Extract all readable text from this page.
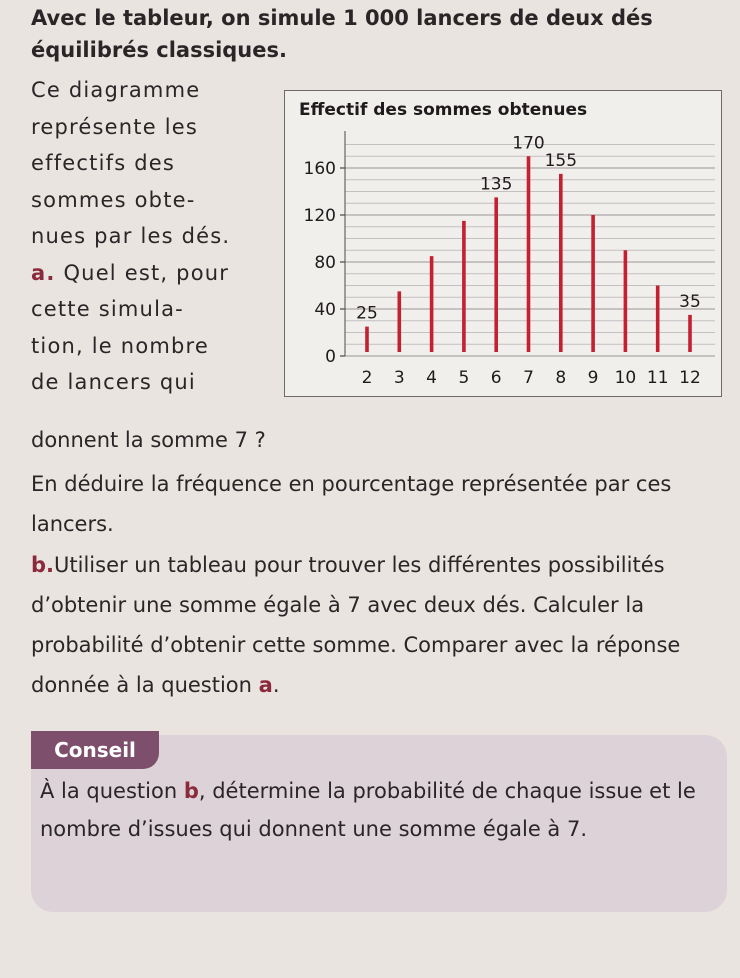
Avec le tableur, on simule 1 000 lancers de deux dés équilibrés classiques.
Ce diagramme
représente les
effectifs des
sommes obte-
nues par les dés.
a. Quel est, pour
cette simula-
tion, le nombre
de lancers qui
Effectif des sommes obtenues
0
40
80
120
160
2 3 4 5 6 7 8 9 10 11 12
25
135
170
155
35
donnent la somme 7 ?
En déduire la fréquence en pourcentage représentée par ces lancers.
b.Utiliser un tableau pour trouver les différentes possibilités d’obtenir une somme égale à 7 avec deux dés. Calculer la probabilité d’obtenir cette somme. Comparer avec la réponse donnée à la question a.
Conseil
À la question b, détermine la probabilité de chaque issue et le nombre d’issues qui donnent une somme égale à 7.
